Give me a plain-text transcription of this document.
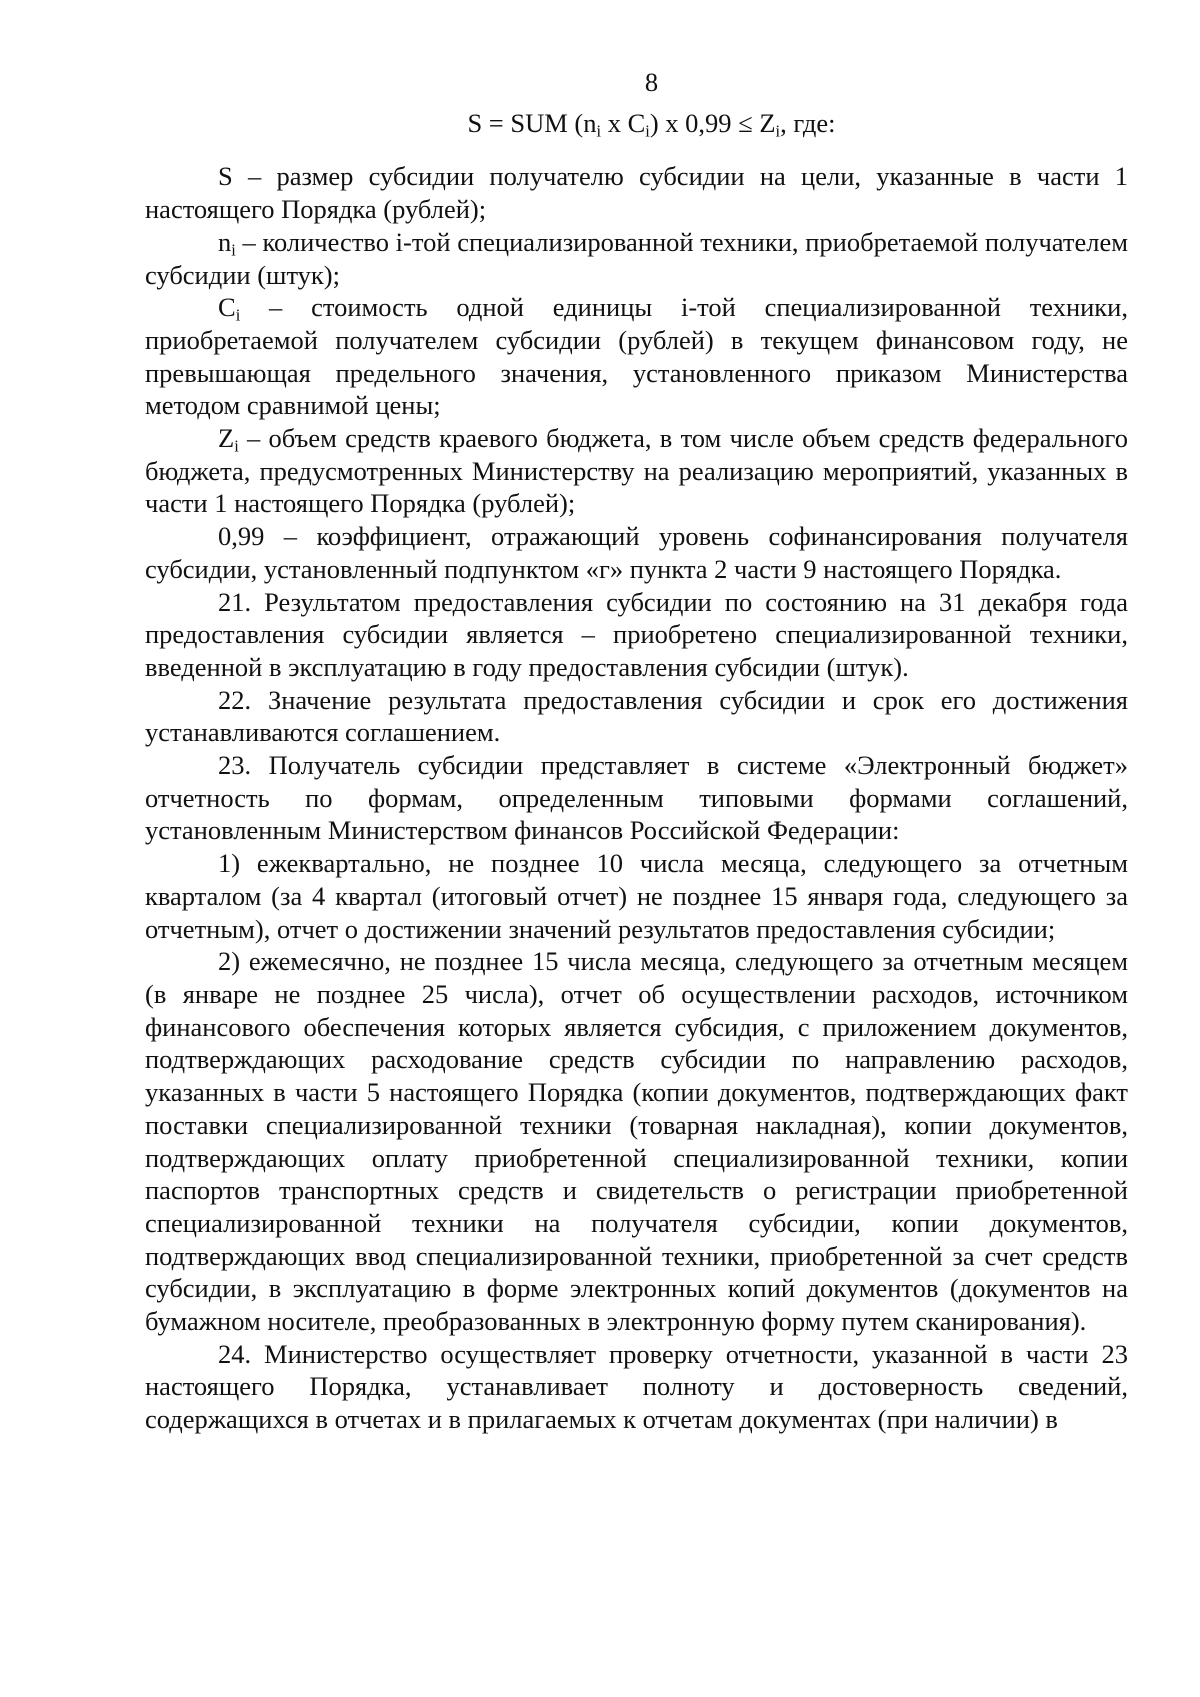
8
S = SUM ($n_i$ x $C_i$) x $0,99 \le Z_i$, где:

S – размер субсидии получателю субсидии на цели, указанные в части 1 настоящего Порядка (рублей);

$n_i$ – количество i-той специализированной техники, приобретаемой получателем субсидии (штук);

$C_i$ – стоимость одной единицы i-той специализированной техники, приобретаемой получателем субсидии (рублей) в текущем финансовом году, не превышающая предельного значения, установленного приказом Министерства методом сравнимой цены;

$Z_i$ – объем средств краевого бюджета, в том числе объем средств федерального бюджета, предусмотренных Министерству на реализацию мероприятий, указанных в части 1 настоящего Порядка (рублей);

0,99 – коэффициент, отражающий уровень софинансирования получателя субсидии, установленный подпунктом «г» пункта 2 части 9 настоящего Порядка.

21. Результатом предоставления субсидии по состоянию на 31 декабря года предоставления субсидии является – приобретено специализированной техники, введенной в эксплуатацию в году предоставления субсидии (штук).

22. Значение результата предоставления субсидии и срок его достижения устанавливаются соглашением.

23. Получатель субсидии представляет в системе «Электронный бюджет» отчетность по формам, определенным типовыми формами соглашений, установленным Министерством финансов Российской Федерации:

1) ежеквартально, не позднее 10 числа месяца, следующего за отчетным кварталом (за 4 квартал (итоговый отчет) не позднее 15 января года, следующего за отчетным), отчет о достижении значений результатов предоставления субсидии;

2) ежемесячно, не позднее 15 числа месяца, следующего за отчетным месяцем (в январе не позднее 25 числа), отчет об осуществлении расходов, источником финансового обеспечения которых является субсидия, с приложением документов, подтверждающих расходование средств субсидии по направлению расходов, указанных в части 5 настоящего Порядка (копии документов, подтверждающих факт поставки специализированной техники (товарная накладная), копии документов, подтверждающих оплату приобретенной специализированной техники, копии паспортов транспортных средств и свидетельств о регистрации приобретенной специализированной техники на получателя субсидии, копии документов, подтверждающих ввод специализированной техники, приобретенной за счет средств субсидии, в эксплуатацию в форме электронных копий документов (документов на бумажном носителе, преобразованных в электронную форму путем сканирования).

24. Министерство осуществляет проверку отчетности, указанной в части 23 настоящего Порядка, устанавливает полноту и достоверность сведений, содержащихся в отчетах и в прилагаемых к отчетам документах (при наличии) в
